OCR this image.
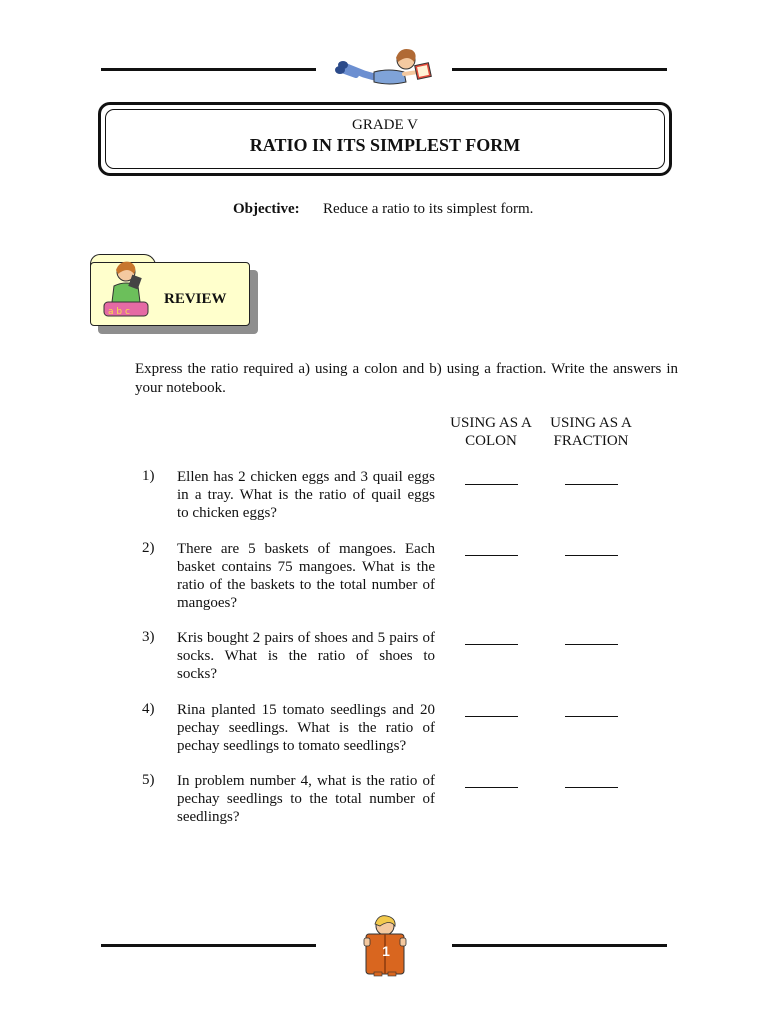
GRADE V
RATIO IN ITS SIMPLEST FORM
Objective: Reduce a ratio to its simplest form.
a b c
REVIEW
Express the ratio required a) using a colon and b) using a fraction. Write the answers in your notebook.
USING AS A
COLON
USING AS A
FRACTION
1) Ellen has 2 chicken eggs and 3 quail eggs
in a tray. What is the ratio of quail eggs
to chicken eggs?
2) There are 5 baskets of mangoes. Each
basket contains 75 mangoes. What is the
ratio of the baskets to the total number of
mangoes?
3) Kris bought 2 pairs of shoes and 5 pairs of
socks. What is the ratio of shoes to
socks?
4) Rina planted 15 tomato seedlings and 20
pechay seedlings. What is the ratio of
pechay seedlings to tomato seedlings?
5) In problem number 4, what is the ratio of
pechay seedlings to the total number of
seedlings?
1
